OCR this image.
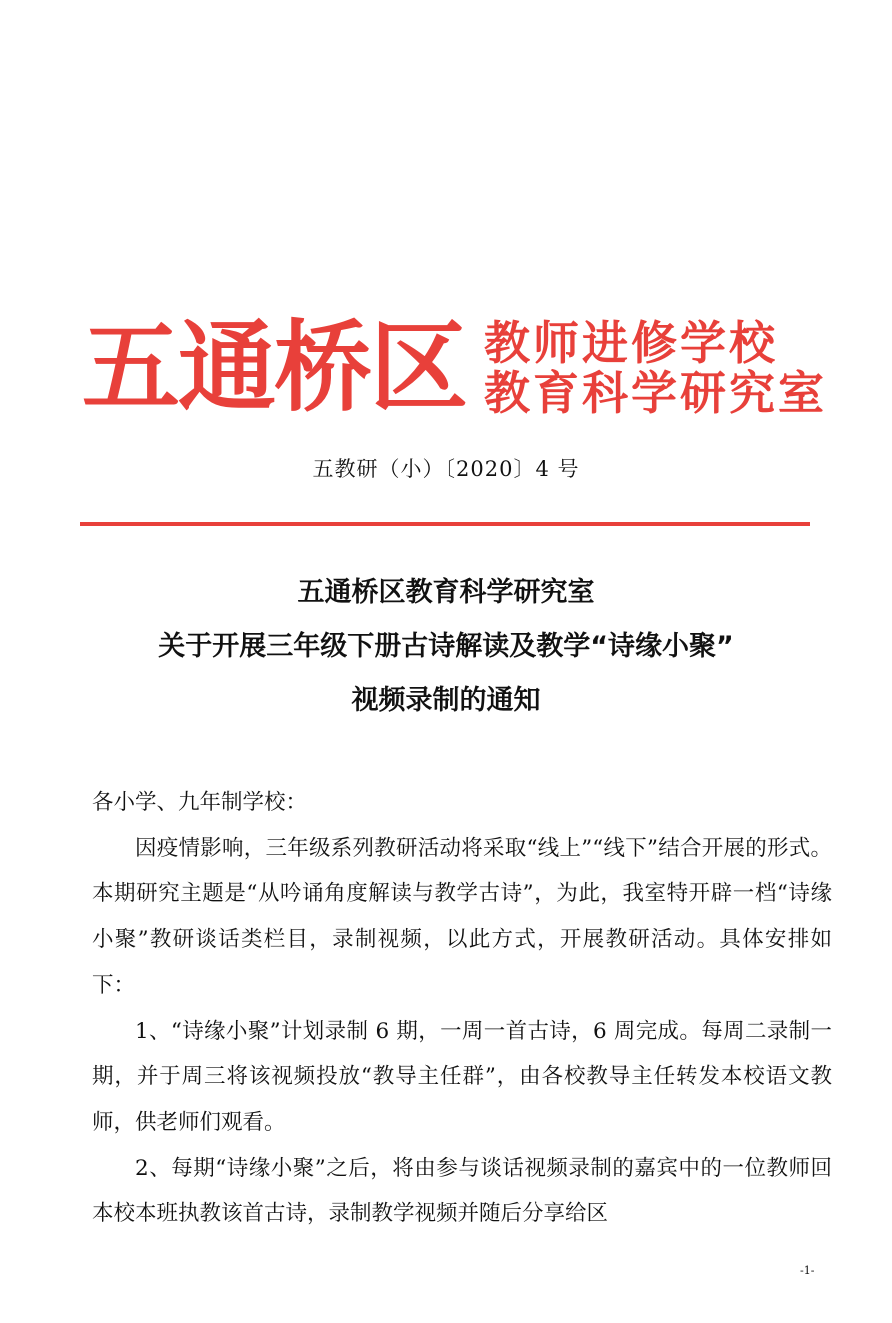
五通桥区 教师进修学校
教育科学研究室
五教研（小）〔2020〕4 号
五通桥区教育科学研究室
关于开展三年级下册古诗解读及教学“诗缘小聚”
视频录制的通知
各小学、九年制学校：

因疫情影响，三年级系列教研活动将采取“线上”“线下”结合开展的形式。本期研究主题是“从吟诵角度解读与教学古诗”，为此，我室特开辟一档“诗缘小聚”教研谈话类栏目，录制视频，以此方式，开展教研活动。具体安排如下：

1、“诗缘小聚”计划录制 6 期，一周一首古诗，6 周完成。每周二录制一期，并于周三将该视频投放“教导主任群”，由各校教导主任转发本校语文教师，供老师们观看。

2、每期“诗缘小聚”之后，将由参与谈话视频录制的嘉宾中的一位教师回本校本班执教该首古诗，录制教学视频并随后分享给区

-1-
